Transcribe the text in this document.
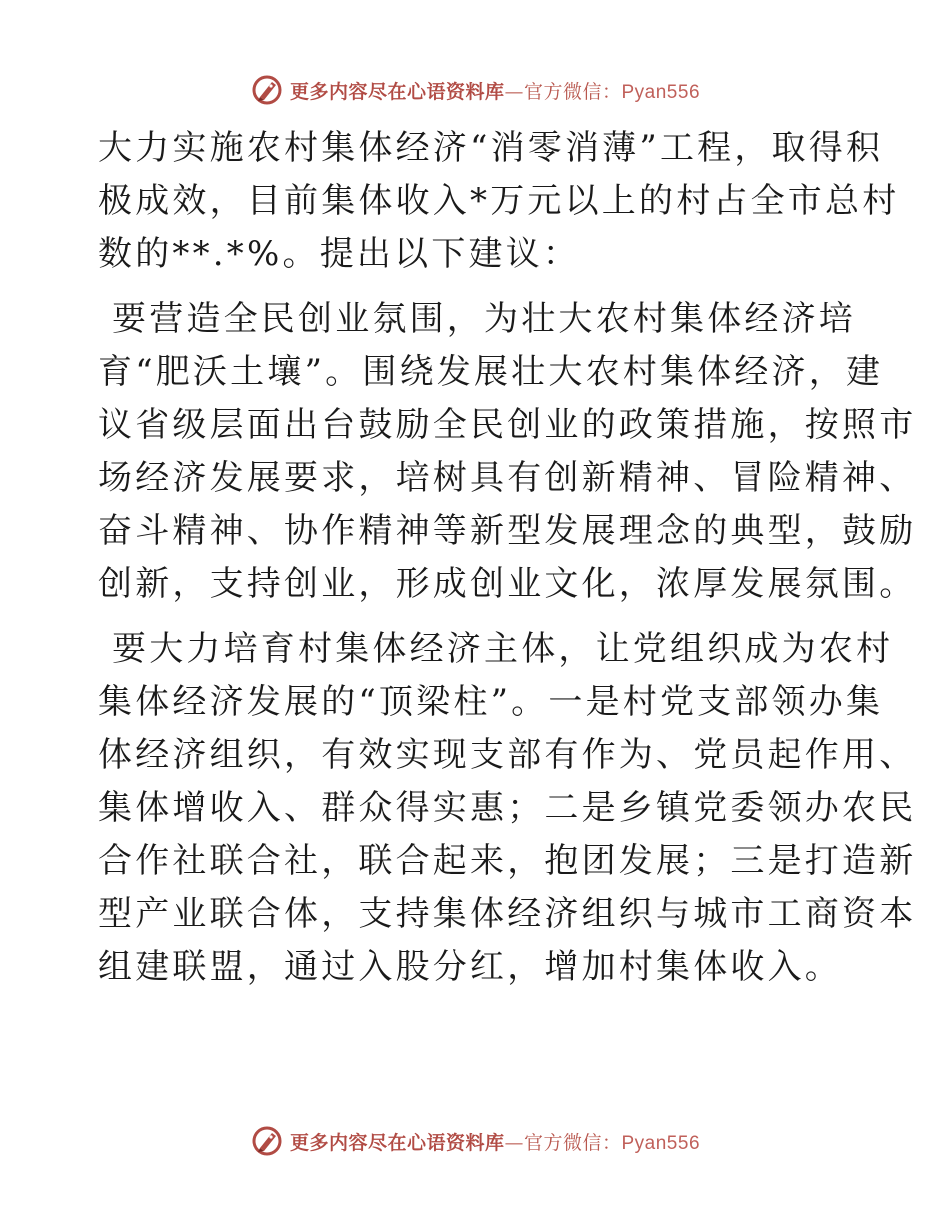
更多内容尽在心语资料库—官方微信：Pyan556

大力实施农村集体经济“消零消薄”工程，取得积
极成效，目前集体收入*万元以上的村占全市总村
数的**.*%。提出以下建议：

要营造全民创业氛围，为壮大农村集体经济培
育“肥沃土壤”。围绕发展壮大农村集体经济，建
议省级层面出台鼓励全民创业的政策措施，按照市
场经济发展要求，培树具有创新精神、冒险精神、
奋斗精神、协作精神等新型发展理念的典型，鼓励
创新，支持创业，形成创业文化，浓厚发展氛围。

要大力培育村集体经济主体，让党组织成为农村
集体经济发展的“顶梁柱”。一是村党支部领办集
体经济组织，有效实现支部有作为、党员起作用、
集体增收入、群众得实惠；二是乡镇党委领办农民
合作社联合社，联合起来，抱团发展；三是打造新
型产业联合体，支持集体经济组织与城市工商资本
组建联盟，通过入股分红，增加村集体收入。

更多内容尽在心语资料库—官方微信：Pyan556
